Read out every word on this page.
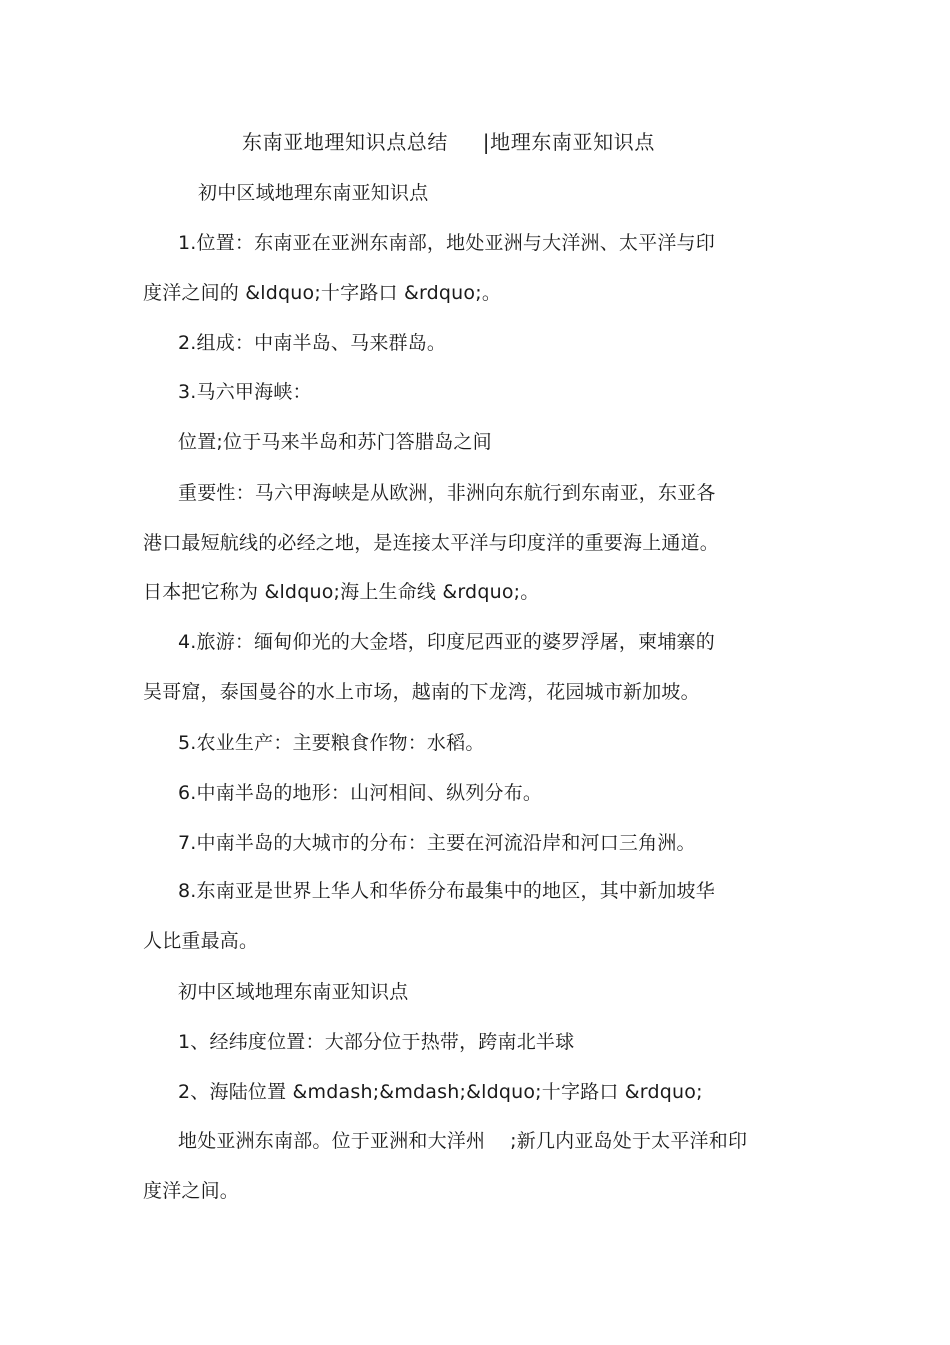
东南亚地理知识点总结     |地理东南亚知识点
初中区域地理东南亚知识点
1.位置：东南亚在亚洲东南部，地处亚洲与大洋洲、太平洋与印
度洋之间的 &ldquo;十字路口 &rdquo;。
2.组成：中南半岛、马来群岛。
3.马六甲海峡：
位置;位于马来半岛和苏门答腊岛之间
重要性：马六甲海峡是从欧洲，非洲向东航行到东南亚，东亚各
港口最短航线的必经之地，是连接太平洋与印度洋的重要海上通道。
日本把它称为 &ldquo;海上生命线 &rdquo;。
4.旅游：缅甸仰光的大金塔，印度尼西亚的婆罗浮屠，柬埔寨的
吴哥窟，泰国曼谷的水上市场，越南的下龙湾，花园城市新加坡。
5.农业生产：主要粮食作物：水稻。
6.中南半岛的地形：山河相间、纵列分布。
7.中南半岛的大城市的分布：主要在河流沿岸和河口三角洲。
8.东南亚是世界上华人和华侨分布最集中的地区，其中新加坡华
人比重最高。
初中区域地理东南亚知识点
1、经纬度位置：大部分位于热带，跨南北半球
2、海陆位置 &mdash;&mdash;&ldquo;十字路口 &rdquo;
地处亚洲东南部。位于亚洲和大洋州    ;新几内亚岛处于太平洋和印
度洋之间。
